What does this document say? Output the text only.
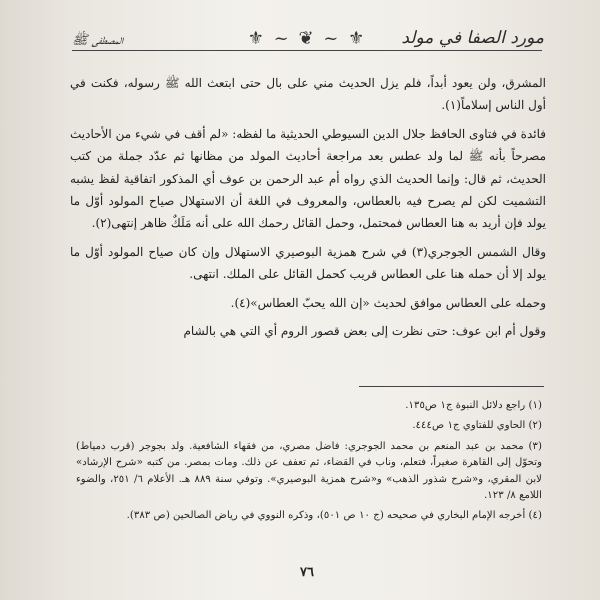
مورد الصفا في مولد
⚜ ~ ❦ ~ ⚜
المصطفى ﷺ

المشرق، ولن يعود أبداً، فلم يزل الحديث مني على بال حتى ابتعث الله ﷺ رسوله، فكنت في أول الناس إسلاماً(١).

فائدة في فتاوى الحافظ جلال الدين السيوطي الحديثية ما لفظه: «لم أقف في شيء من الأحاديث مصرحاً بأنه ﷺ لما ولد عطس بعد مراجعة أحاديث المولد من مظانها ثم عدّد جملة من كتب الحديث، ثم قال: وإنما الحديث الذي رواه أم عبد الرحمن بن عوف أي المذكور اتفاقية لفظ يشبه التشميت لكن لم يصرح فيه بالعطاس، والمعروف في اللغة أن الاستهلال صياح المولود أوّل ما يولد فإن أريد به هنا العطاس فمحتمل، وحمل القائل رحمك الله على أنه مَلَكٌ ظاهر إنتهى(٢).

وقال الشمس الجوجري(٣) في شرح همزية البوصيري الاستهلال وإن كان صياح المولود أوّل ما يولد إلا أن حمله هنا على العطاس قريب كحمل القائل على الملك. انتهى.

وحمله على العطاس موافق لحديث «إن الله يحبّ العطاس»(٤).

وقول أم ابن عوف: حتى نظرت إلى بعض قصور الروم أي التي هي بالشام

(١) راجع دلائل النبوة ج١ ص١٣٥.

(٢) الحاوي للفتاوي ج١ ص٤٤٤.

(٣) محمد بن عبد المنعم بن محمد الجوجري: فاضل مصري، من فقهاء الشافعية. ولد بجوجر (قرب دمياط) وتحوّل إلى القاهرة صغيراً، فتعلم، وناب في القضاء، ثم تعفف عن ذلك. ومات بمصر. من كتبه «شرح الإرشاد» لابن المقري، و«شرح شذور الذهب» و«شرح همزية البوصيري». وتوفي سنة ٨٨٩ هـ. الأعلام ٦/ ٢٥١، والضوء اللامع ٨/ ١٢٣.

(٤) أخرجه الإمام البخاري في صحيحه (ج ١٠ ص ٥٠١)، وذكره النووي في رياض الصالحين (ص ٣٨٣).

٧٦
